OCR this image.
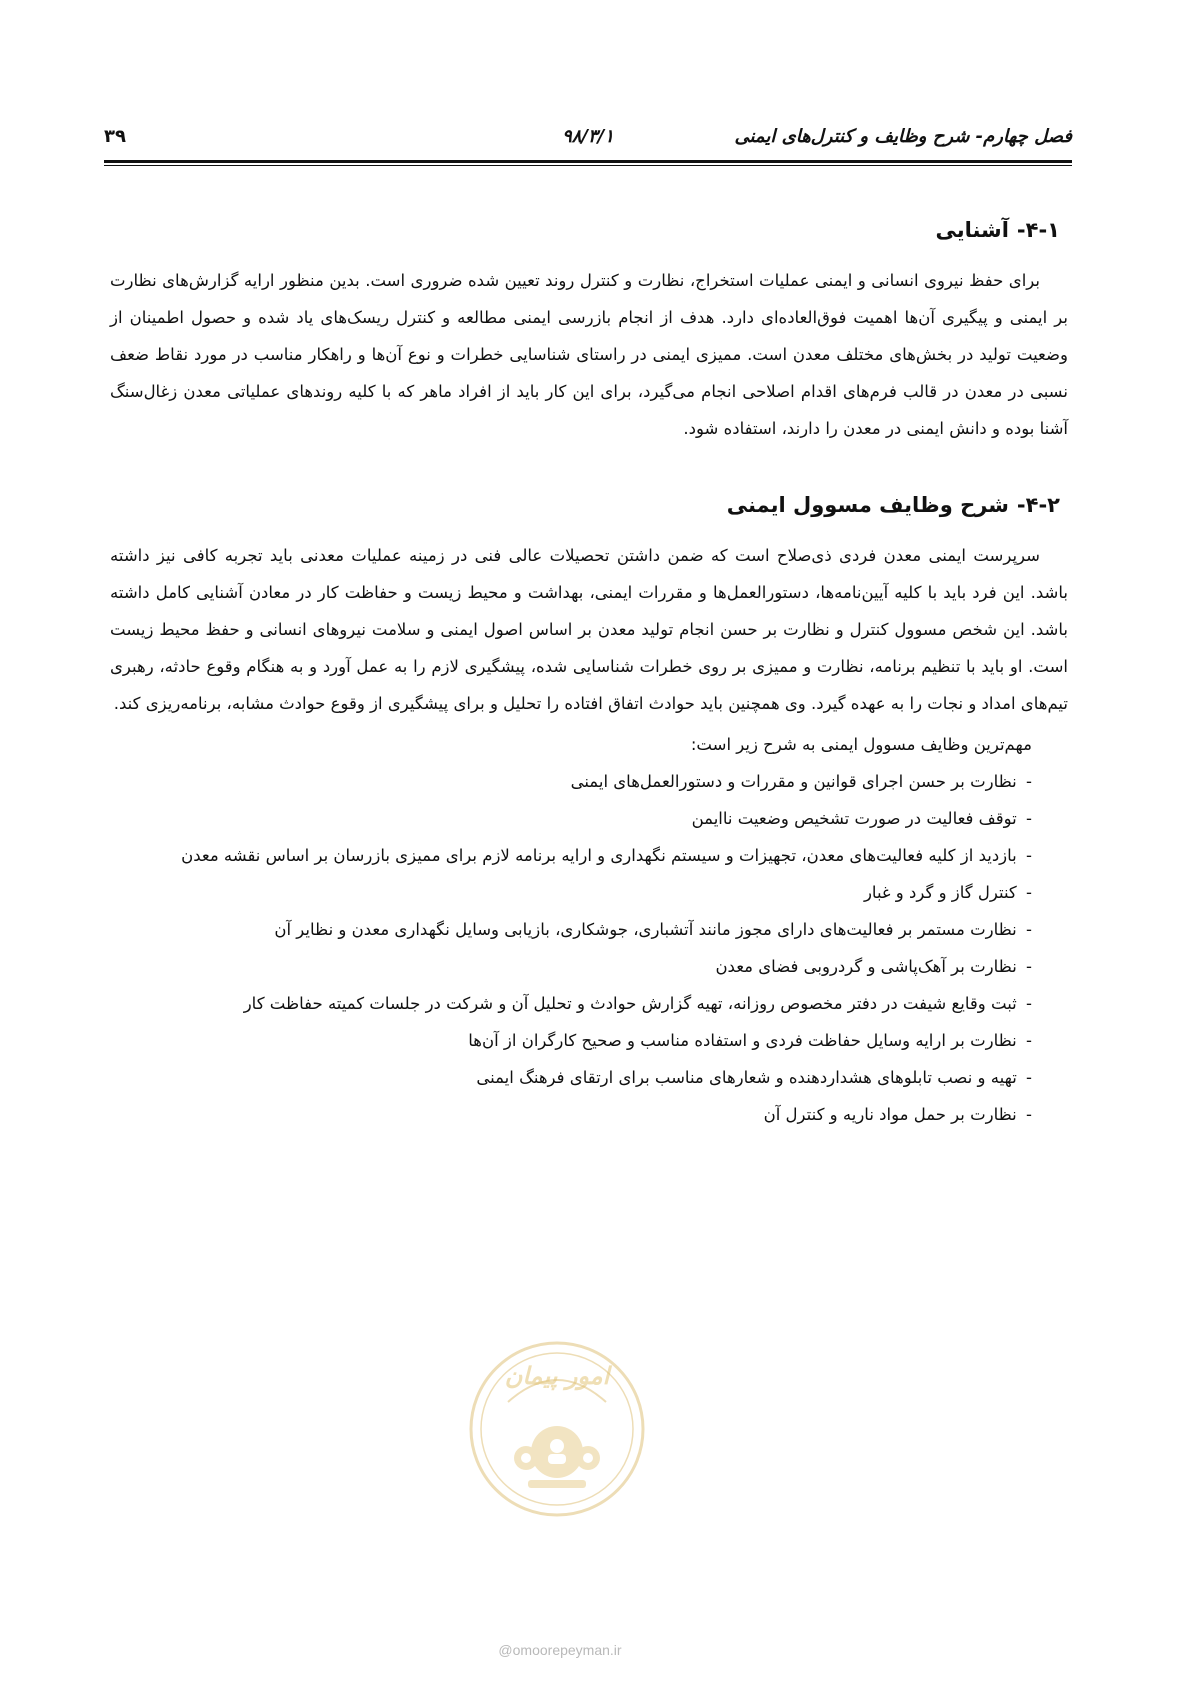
فصل چهارم- شرح وظایف و کنترل‌های ایمنی
۹۸/۳/۱
۳۹
۴-۱-آشنایی

برای حفظ نیروی انسانی و ایمنی عملیات استخراج، نظارت و کنترل روند تعیین شده ضروری است. بدین منظور ارایه گزارش‌های نظارت بر ایمنی و پیگیری آن‌ها اهمیت فوق‌العاده‌ای دارد. هدف از انجام بازرسی ایمنی مطالعه و کنترل ریسک‌های یاد شده و حصول اطمینان از وضعیت تولید در بخش‌های مختلف معدن است. ممیزی ایمنی در راستای شناسایی خطرات و نوع آن‌ها و راهکار مناسب در مورد نقاط ضعف نسبی در معدن در قالب فرم‌های اقدام اصلاحی انجام می‌گیرد، برای این کار باید از افراد ماهر که با کلیه روندهای عملیاتی معدن زغال‌سنگ آشنا بوده و دانش ایمنی در معدن را دارند، استفاده شود.

۴-۲-شرح وظایف مسوول ایمنی

سرپرست ایمنی معدن فردی ذی‌صلاح است که ضمن داشتن تحصیلات عالی فنی در زمینه عملیات معدنی باید تجربه کافی نیز داشته باشد. این فرد باید با کلیه آیین‌نامه‌ها، دستورالعمل‌ها و مقررات ایمنی، بهداشت و محیط زیست و حفاظت کار در معادن آشنایی کامل داشته باشد. این شخص مسوول کنترل و نظارت بر حسن انجام تولید معدن بر اساس اصول ایمنی و سلامت نیروهای انسانی و حفظ محیط زیست است. او باید با تنظیم برنامه، نظارت و ممیزی بر روی خطرات شناسایی شده، پیشگیری لازم را به عمل آورد و به هنگام وقوع حادثه، رهبری تیم‌های امداد و نجات را به عهده گیرد. وی همچنین باید حوادث اتفاق افتاده را تحلیل و برای پیشگیری از وقوع حوادث مشابه، برنامه‌ریزی کند.

مهم‌ترین وظایف مسوول ایمنی به شرح زیر است:

- نظارت بر حسن اجرای قوانین و مقررات و دستورالعمل‌های ایمنی
- توقف فعالیت در صورت تشخیص وضعیت ناایمن
- بازدید از کلیه فعالیت‌های معدن، تجهیزات و سیستم نگهداری و ارایه برنامه لازم برای ممیزی بازرسان بر اساس نقشه معدن
- کنترل گاز و گرد و غبار
- نظارت مستمر بر فعالیت‌های دارای مجوز مانند آتشباری، جوشکاری، بازیابی وسایل نگهداری معدن و نظایر آن
- نظارت بر آهک‌پاشی و گردروبی فضای معدن
- ثبت وقایع شیفت در دفتر مخصوص روزانه، تهیه گزارش حوادث و تحلیل آن و شرکت در جلسات کمیته حفاظت کار
- نظارت بر ارایه وسایل حفاظت فردی و استفاده مناسب و صحیح کارگران از آن‌ها
- تهیه و نصب تابلوهای هشداردهنده و شعارهای مناسب برای ارتقای فرهنگ ایمنی
- نظارت بر حمل مواد ناریه و کنترل آن
امور پیمان
@omoorepeyman.ir
